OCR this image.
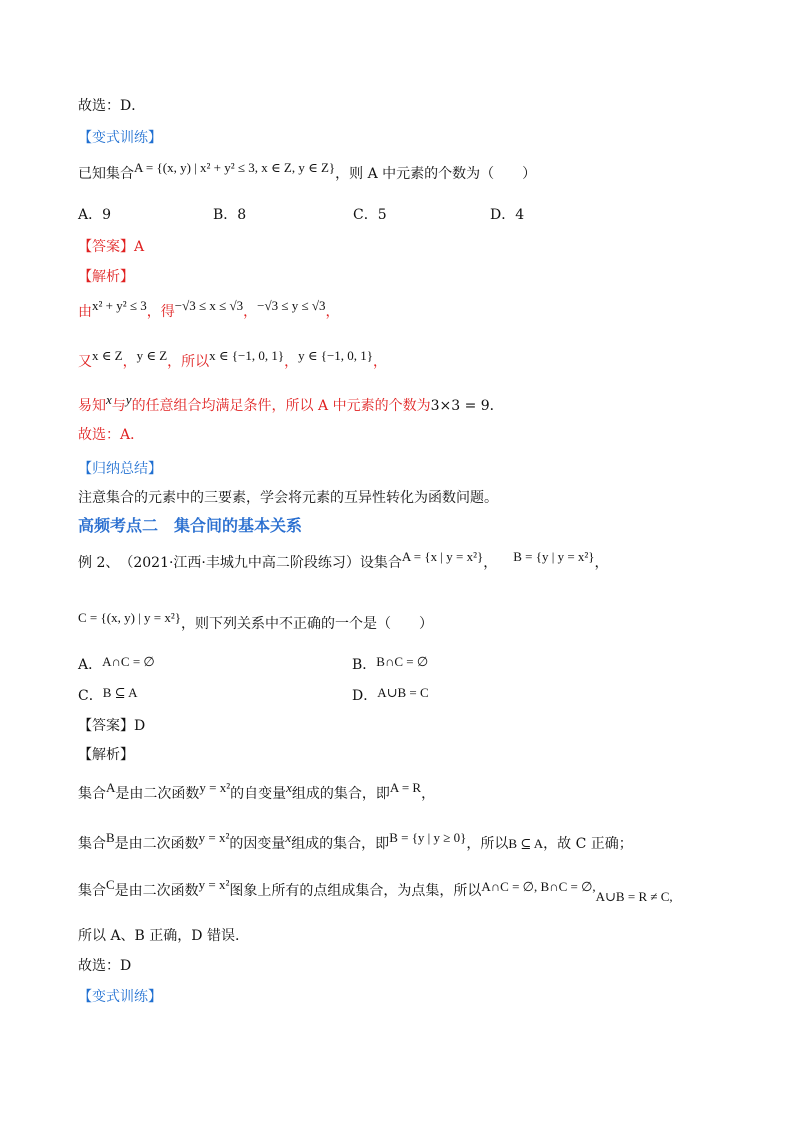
故选：D．
【变式训练】
已知集合A = {(x, y) | x² + y² ≤ 3, x ∈ Z, y ∈ Z}，则 A 中元素的个数为（　　）
A．9	B．8	C．5	D．4
【答案】A
【解析】
由x² + y² ≤ 3，得−√3 ≤ x ≤ √3，−√3 ≤ y ≤ √3，
又x ∈ Z，y ∈ Z，所以x ∈ {−1, 0, 1}，y ∈ {−1, 0, 1}，
易知x与y的任意组合均满足条件，所以 A 中元素的个数为3×3 = 9．
故选：A．
【归纳总结】
注意集合的元素中的三要素，学会将元素的互异性转化为函数问题。
高频考点二　集合间的基本关系
例 2、　（2021·江西·丰城九中高二阶段练习）设集合A = {x | y = x²}， B = {y | y = x²}，
C = {(x, y) | y = x²}，则下列关系中不正确的一个是（　　）
A．A∩C = ∅	B．B∩C = ∅
C．B ⊆ A	D．A∪B = C
【答案】D
【解析】
集合A是由二次函数y = x²的自变量x组成的集合，即A = R，
集合B是由二次函数y = x²的因变量x组成的集合，即B = {y | y ≥ 0}，所以B ⊆ A，故 C 正确；
集合C是由二次函数y = x²图象上所有的点组成集合，为点集，所以A∩C = ∅, B∩C = ∅,A∪B = R ≠ C,
所以 A、B 正确，D 错误.
故选：D
【变式训练】
